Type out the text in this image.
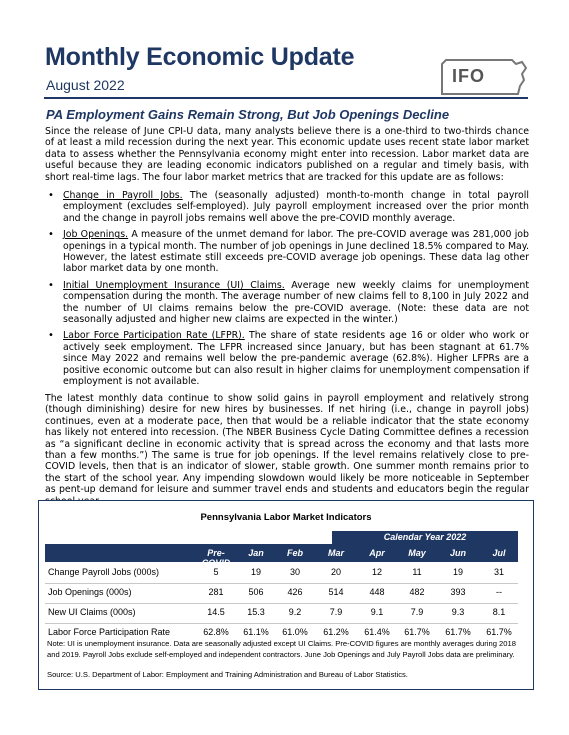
Monthly Economic Update
August 2022	IFO
PA Employment Gains Remain Strong, But Job Openings Decline
Since the release of June CPI-U data, many analysts believe there is a one-third to two-thirds chance of at least a mild recession during the next year. This economic update uses recent state labor market data to assess whether the Pennsylvania economy might enter into recession. Labor market data are useful because they are leading economic indicators published on a regular and timely basis, with short real-time lags. The four labor market metrics that are tracked for this update are as follows:
• Change in Payroll Jobs. The (seasonally adjusted) month-to-month change in total payroll employment (excludes self-employed). July payroll employment increased over the prior month and the change in payroll jobs remains well above the pre-COVID monthly average.
• Job Openings. A measure of the unmet demand for labor. The pre-COVID average was 281,000 job openings in a typical month. The number of job openings in June declined 18.5% compared to May. However, the latest estimate still exceeds pre-COVID average job openings. These data lag other labor market data by one month.
• Initial Unemployment Insurance (UI) Claims. Average new weekly claims for unemployment compensation during the month. The average number of new claims fell to 8,100 in July 2022 and the number of UI claims remains below the pre-COVID average. (Note: these data are not seasonally adjusted and higher new claims are expected in the winter.)
• Labor Force Participation Rate (LFPR). The share of state residents age 16 or older who work or actively seek employment. The LFPR increased since January, but has been stagnant at 61.7% since May 2022 and remains well below the pre-pandemic average (62.8%). Higher LFPRs are a positive economic outcome but can also result in higher claims for unemployment compensation if employment is not available.
The latest monthly data continue to show solid gains in payroll employment and relatively strong (though diminishing) desire for new hires by businesses. If net hiring (i.e., change in payroll jobs) continues, even at a moderate pace, then that would be a reliable indicator that the state economy has likely not entered into recession. (The NBER Business Cycle Dating Committee defines a recession as “a significant decline in economic activity that is spread across the economy and that lasts more than a few months.”) The same is true for job openings. If the level remains relatively close to pre-COVID levels, then that is an indicator of slower, stable growth. One summer month remains prior to the start of the school year. Any impending slowdown would likely be more noticeable in September as pent-up demand for leisure and summer travel ends and students and educators begin the regular
Pennsylvania Labor Market Indicators
Calendar Year 2022
Pre-COVID
Jan	Feb	Mar	Apr	May	Jun	Jul
Change Payroll Jobs (000s)	5	19	30	20	12	11	19	31
Job Openings (000s)	281	506	426	514	448	482	393	--
New UI Claims (000s)	14.5	15.3	9.2	7.9	9.1	7.9	9.3	8.1
Labor Force Participation Rate	62.8%	61.1%	61.0%	61.2%	61.4%	61.7%	61.7%	61.7%
Note: UI is unemployment insurance. Data are seasonally adjusted except UI Claims. Pre-COVID figures are monthly averages during 2018 and 2019. Payroll Jobs exclude self-employed and independent contractors. June Job Openings and July Payroll Jobs data are preliminary.
Source: U.S. Department of Labor: Employment and Training Administration and Bureau of Labor Statistics.
